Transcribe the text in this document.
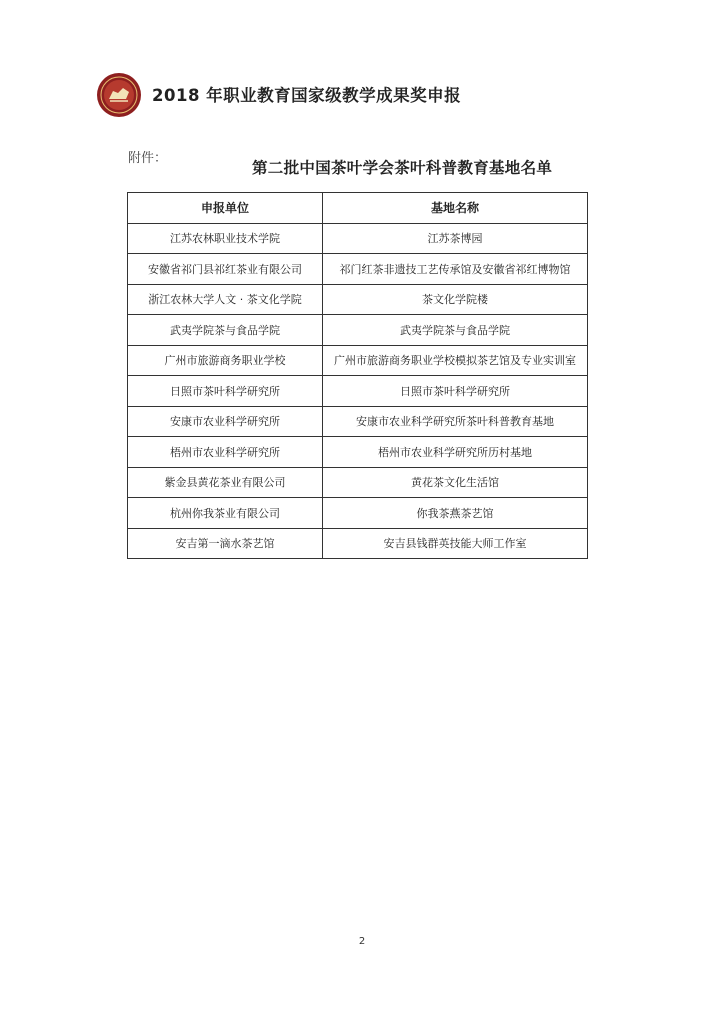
2018 年职业教育国家级教学成果奖申报
附件：
第二批中国茶叶学会茶叶科普教育基地名单
申报单位	基地名称
江苏农林职业技术学院	江苏茶博园
安徽省祁门县祁红茶业有限公司	祁门红茶非遗技工艺传承馆及安徽省祁红博物馆
浙江农林大学人文 · 茶文化学院	茶文化学院楼
武夷学院茶与食品学院	武夷学院茶与食品学院
广州市旅游商务职业学校	广州市旅游商务职业学校模拟茶艺馆及专业实训室
日照市茶叶科学研究所	日照市茶叶科学研究所
安康市农业科学研究所	安康市农业科学研究所茶叶科普教育基地
梧州市农业科学研究所	梧州市农业科学研究所历村基地
紫金县黄花茶业有限公司	黄花茶文化生活馆
杭州你我茶业有限公司	你我茶燕茶艺馆
安吉第一滴水茶艺馆	安吉县钱群英技能大师工作室
2
